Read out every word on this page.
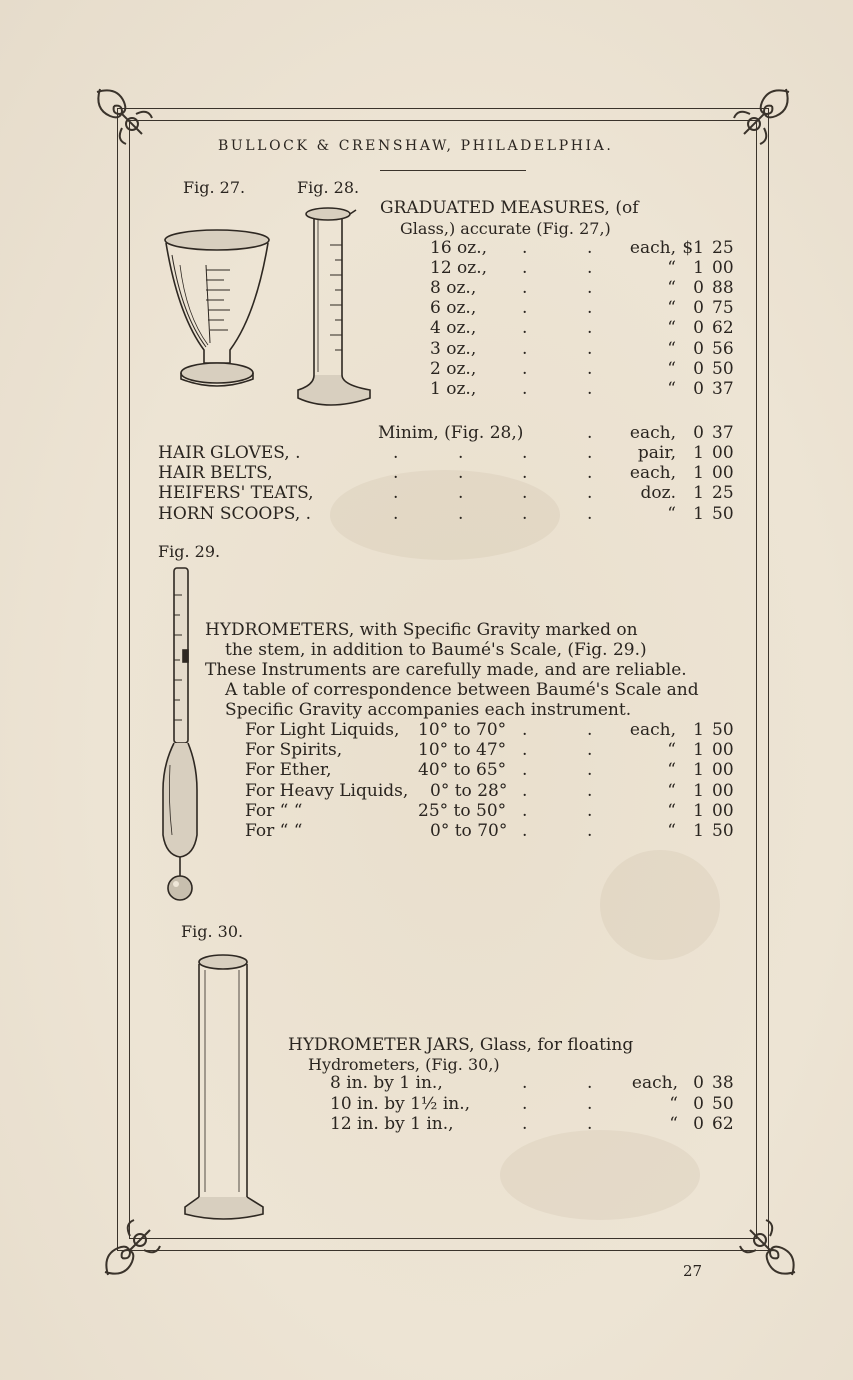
BULLOCK & CRENSHAW, PHILADELPHIA.
Fig. 27.	Fig. 28.
Fig. 29.
Fig. 30.
GRADUATED MEASURES, (of
Glass,) accurate (Fig. 27,)
16 oz., .	.	each, $1 25
12 oz., .	.	“	1 00
8 oz.,	.	.	“	0 88
6 oz.,	.	.	“	0 75
4 oz.,	.	.	“	0 62
3 oz.,	.	.	“	0 56
2 oz.,	.	.	“	0 50
1 oz.,	.	.	“	0 37
Minim, (Fig. 28,)	.	each,	0 37
HAIR GLOVES, .	.	.	.	.	pair,	1 00
HAIR BELTS,	.	.	.	.	each,	1 00
HEIFERS' TEATS,	.	.	.	.	doz.	1 25
HORN SCOOPS, .	.	.	.	.	“	1 50
HYDROMETERS, with Specific Gravity marked on
the stem, in addition to Baumé's Scale, (Fig. 29.)
These Instruments are carefully made, and are reliable.
A table of correspondence between Baumé's Scale and
Specific Gravity accompanies each instrument.
For Light Liquids, 10° to 70° .	.	each,	1 50
For Spirits,	10° to 47° .	.	“	1 00
For Ether,	40° to 65° .	.	“	1 00
For Heavy Liquids, 0° to 28° .	.	“	1 00
For “ “	25° to 50° .	.	“	1 00
For “ “	0° to 70° .	.	“	1 50
HYDROMETER JARS, Glass, for floating
Hydrometers, (Fig. 30,)
8 in. by 1 in.,	.	.	each, 0 38
10 in. by 1½ in.,	.	.	“ 0 50
12 in. by 1 in.,	.	.	“ 0 62
27
